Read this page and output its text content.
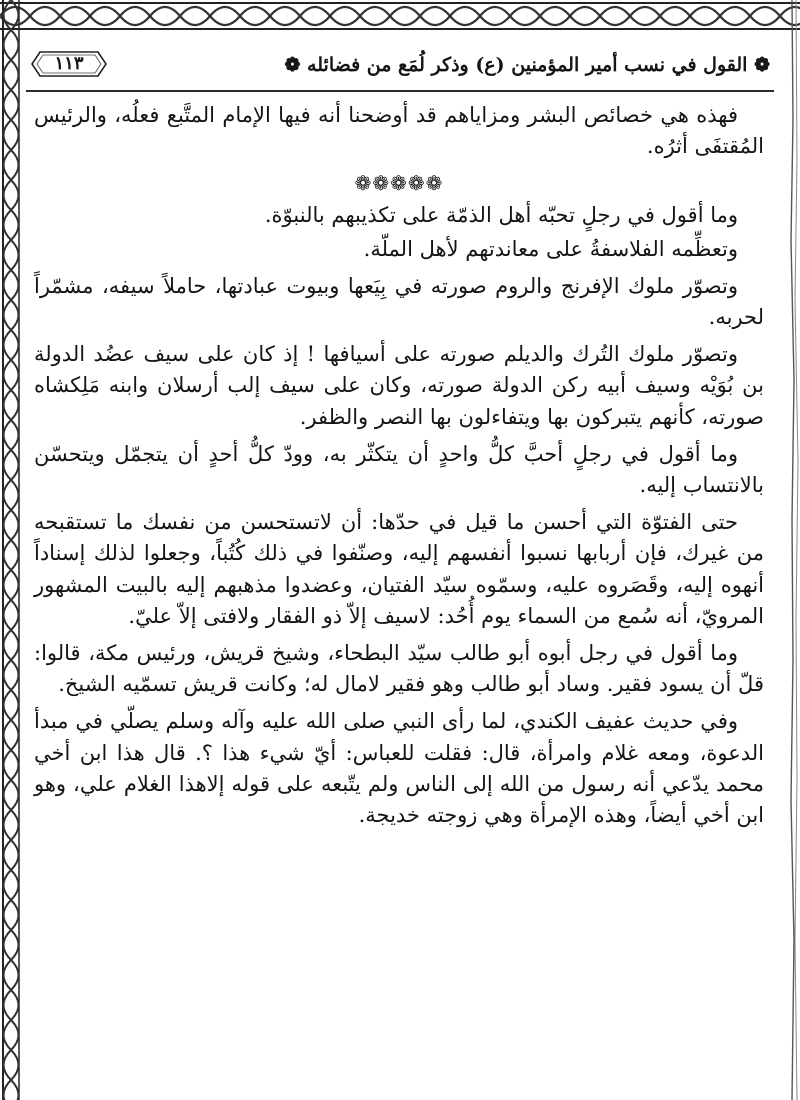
❁ القول في نسب أمير المؤمنين (ع) وذكر لُمَع من فضائله ❁
١١٣

فهذه هي خصائص البشر ومزاياهم قد أوضحنا أنه فيها الإمام المتَّبع فعلُه، والرئيس المُقتفَى أثرُه.

❁❁❁❁❁

وما أقول في رجلٍ تحبّه أهل الذمّة على تكذيبهم بالنبوّة.

وتعظِّمه الفلاسفةُ على معاندتهم لأهل الملّة.

وتصوّر ملوك الإفرنج والروم صورته في بِيَعها وبيوت عبادتها، حاملاً سيفه، مشمّراً لحربه.

وتصوّر ملوك التُرك والديلم صورته على أسيافها ! إذ كان على سيف عضُد الدولة بن بُوَيْه وسيف أبيه ركن الدولة صورته، وكان على سيف إلب أرسلان وابنه مَلِكشاه صورته، كأنهم يتبركون بها ويتفاءلون بها النصر والظفر.

وما أقول في رجلٍ أحبَّ كلُّ واحدٍ أن يتكثّر به، وودّ كلُّ أحدٍ أن يتجمّل ويتحسّن بالانتساب إليه.

حتى الفتوّة التي أحسن ما قيل في حدّها: أن لاتستحسن من نفسك ما تستقبحه من غيرك، فإن أربابها نسبوا أنفسهم إليه، وصنّفوا في ذلك كُتُباً، وجعلوا لذلك إسناداً أنهوه إليه، وقَصَروه عليه، وسمّوه سيّد الفتيان، وعضدوا مذهبهم إليه بالبيت المشهور المرويّ، أنه سُمع من السماء يوم أُحُد: لاسيف إلاّ ذو الفقار ولافتى إلاّ عليّ.

وما أقول في رجل أبوه أبو طالب سيّد البطحاء، وشيخ قريش، ورئيس مكة، قالوا: قلّ أن يسود فقير. وساد أبو طالب وهو فقير لامال له؛ وكانت قريش تسمّيه الشيخ.

وفي حديث عفيف الكندي، لما رأى النبي صلى الله عليه وآله وسلم يصلّي في مبدأ الدعوة، ومعه غلام وامرأة، قال: فقلت للعباس: أيّ شيء هذا ؟. قال هذا ابن أخي محمد يدّعي أنه رسول من الله إلى الناس ولم يتّبعه على قوله إلاهذا الغلام علي، وهو ابن أخي أيضاً، وهذه الإمرأة وهي زوجته خديجة.
